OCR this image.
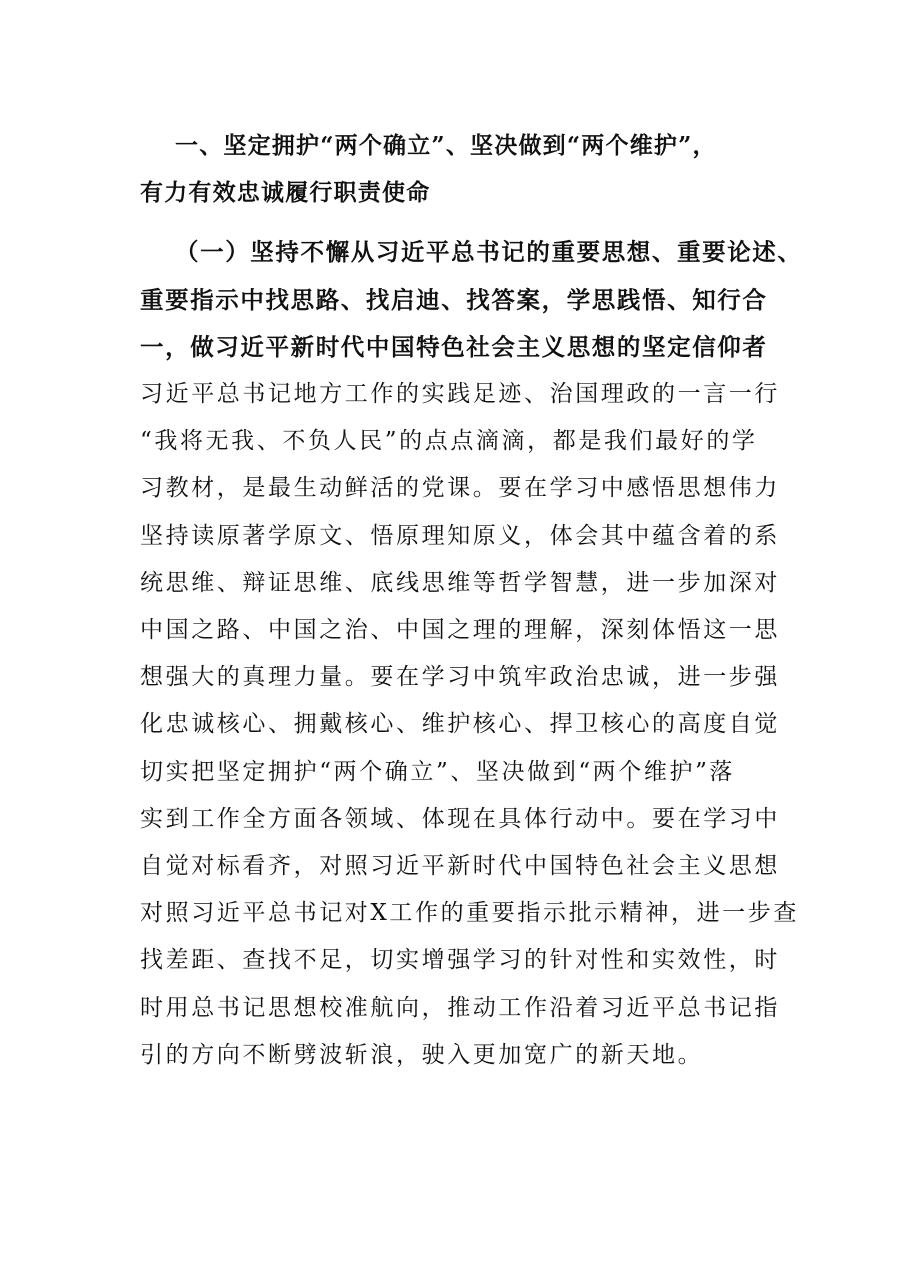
一、坚定拥护“两个确立”、坚决做到“两个维护”，
有力有效忠诚履行职责使命
（一）坚持不懈从习近平总书记的重要思想、重要论述、
重要指示中找思路、找启迪、找答案，学思践悟、知行合
一，做习近平新时代中国特色社会主义思想的坚定信仰者
习近平总书记地方工作的实践足迹、治国理政的一言一行
“我将无我、不负人民”的点点滴滴，都是我们最好的学
习教材，是最生动鲜活的党课。要在学习中感悟思想伟力
坚持读原著学原文、悟原理知原义，体会其中蕴含着的系
统思维、辩证思维、底线思维等哲学智慧，进一步加深对
中国之路、中国之治、中国之理的理解，深刻体悟这一思
想强大的真理力量。要在学习中筑牢政治忠诚，进一步强
化忠诚核心、拥戴核心、维护核心、捍卫核心的高度自觉
切实把坚定拥护“两个确立”、坚决做到“两个维护”落
实到工作全方面各领域、体现在具体行动中。要在学习中
自觉对标看齐，对照习近平新时代中国特色社会主义思想
对照习近平总书记对X工作的重要指示批示精神，进一步查
找差距、查找不足，切实增强学习的针对性和实效性，时
时用总书记思想校准航向，推动工作沿着习近平总书记指
引的方向不断劈波斩浪，驶入更加宽广的新天地。
